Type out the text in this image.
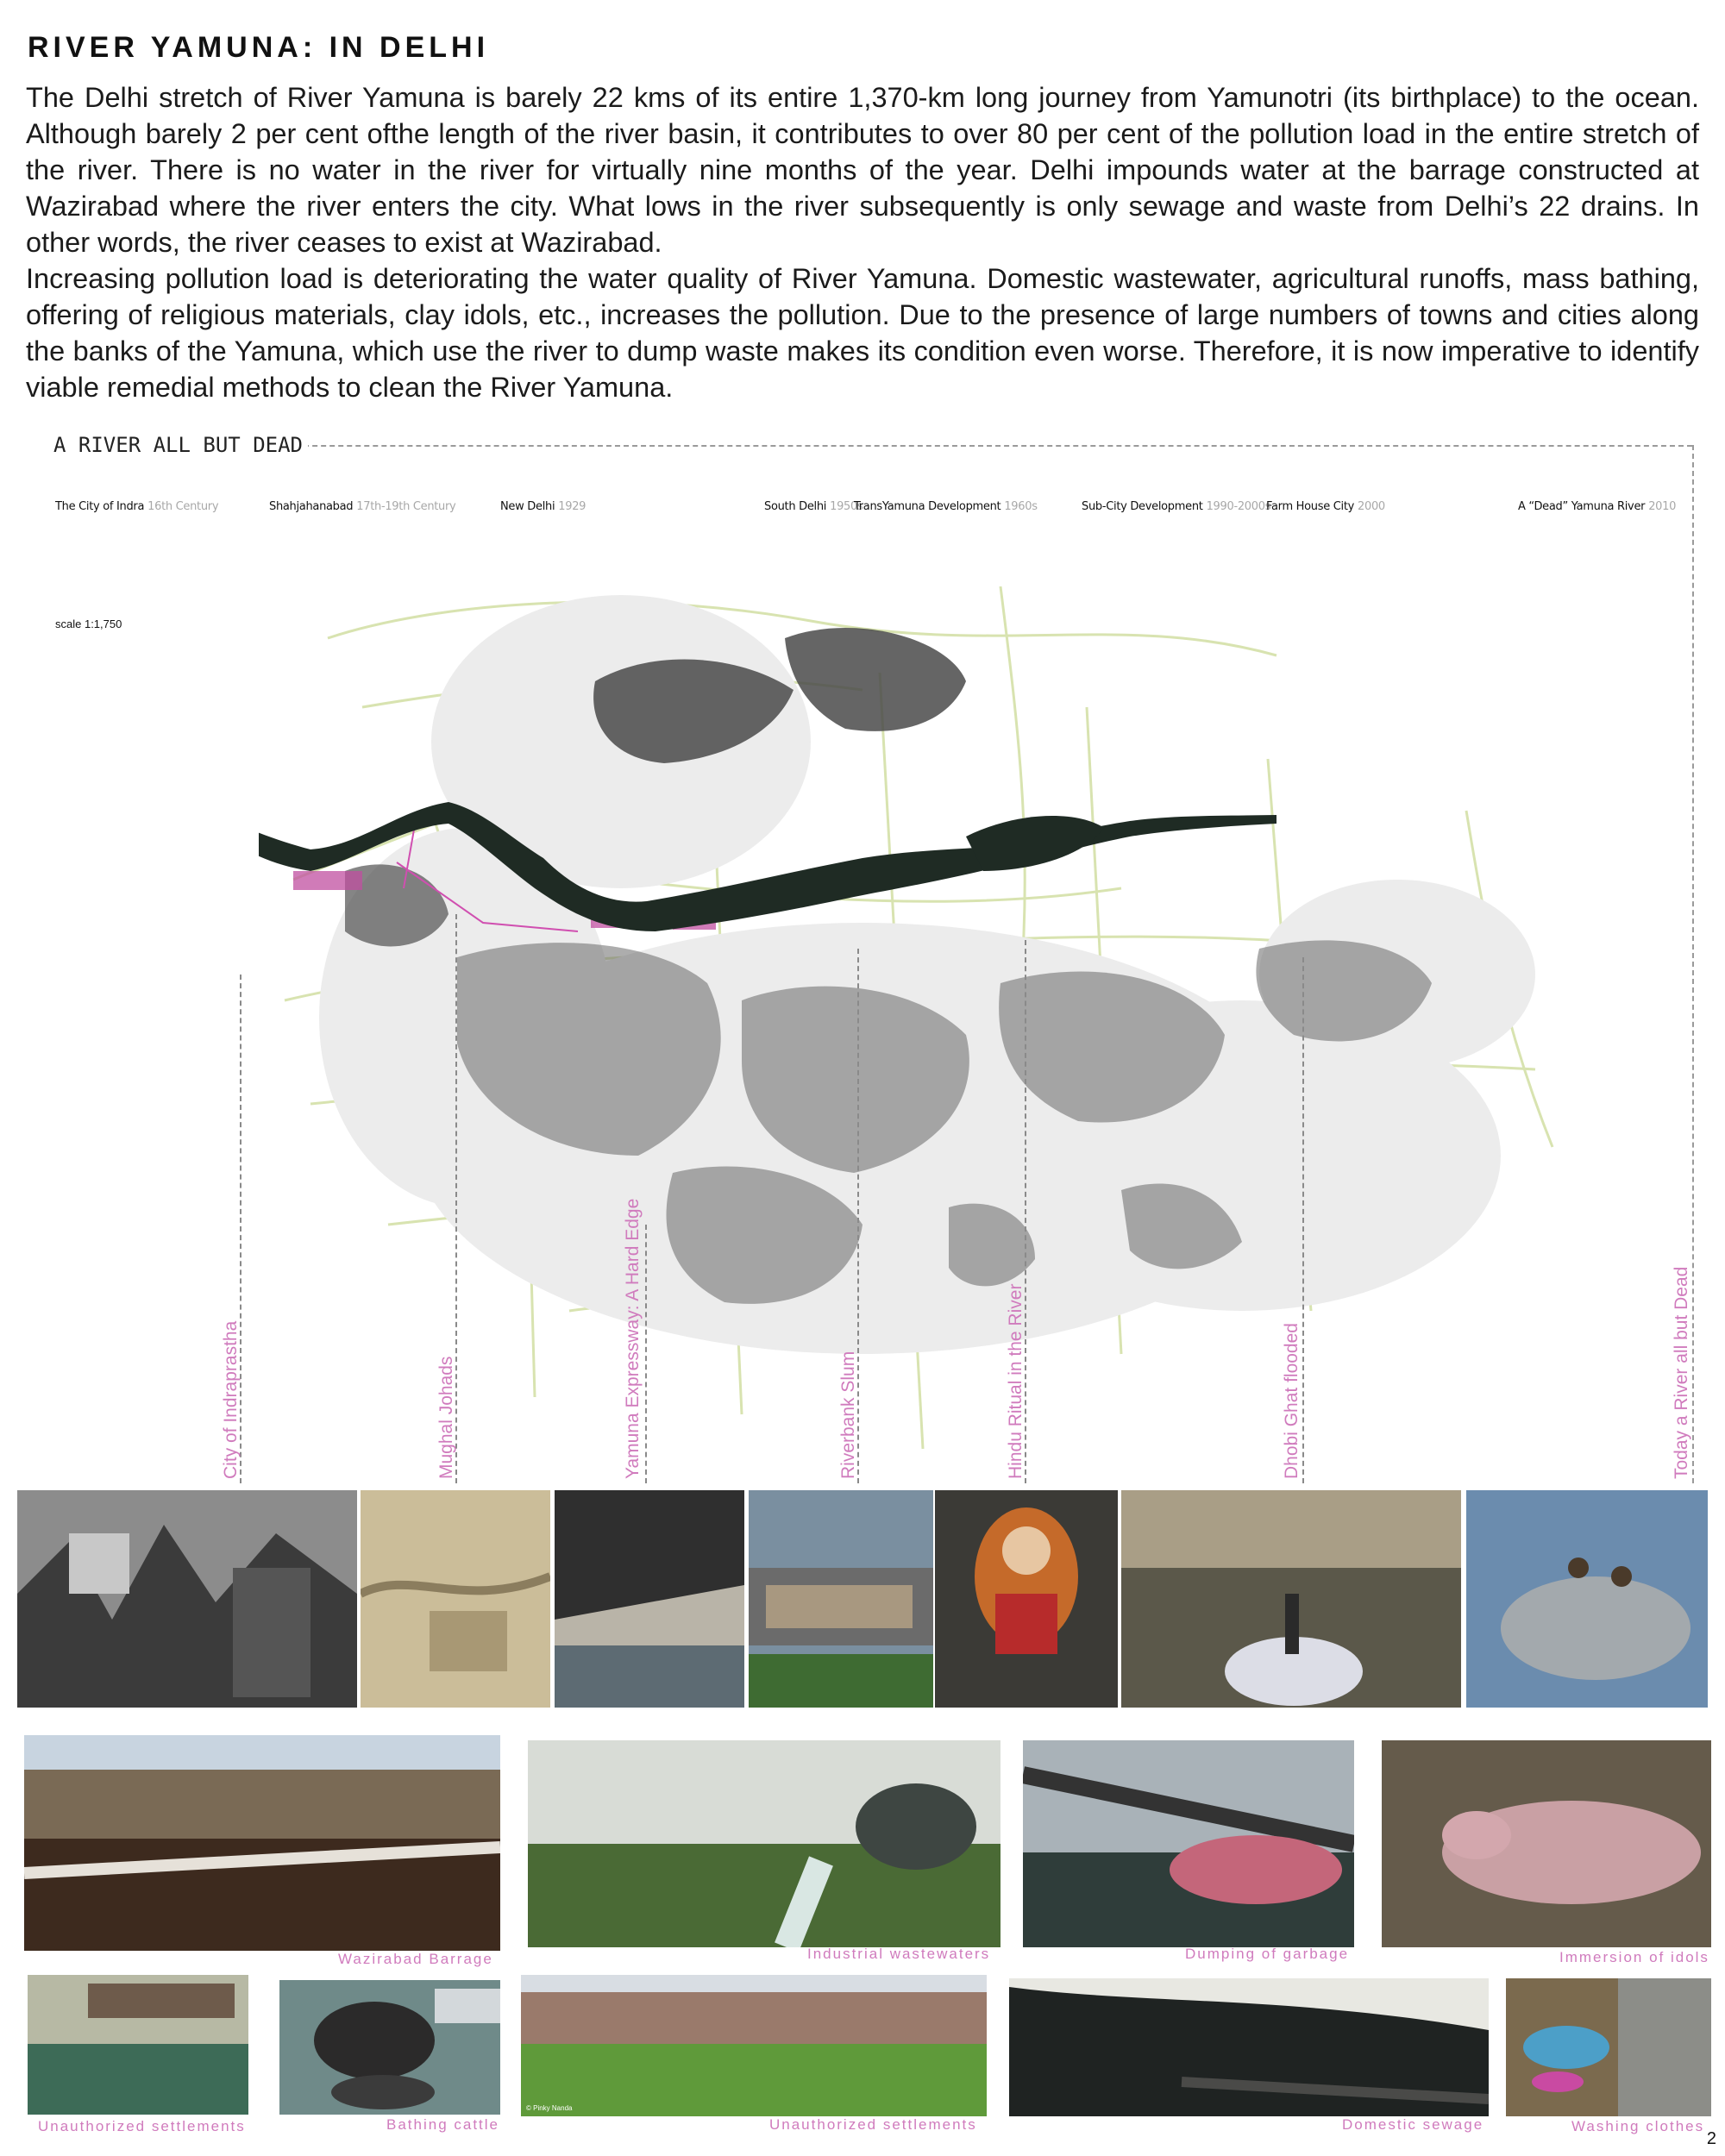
RIVER YAMUNA: IN DELHI

The Delhi stretch of River Yamuna is barely 22 kms of its entire 1,370-km long journey from Yamunotri (its birthplace) to the ocean. Although barely 2 per cent ofthe length of the river basin, it contributes to over 80 per cent of the pollution load in the entire stretch of the river. There is no water in the river for virtually nine months of the year. Delhi impounds water at the barrage constructed at Wazirabad where the river enters the city. What lows in the river subsequently is only sewage and waste from Delhi’s 22 drains. In other words, the river ceases to exist at Wazirabad.

Increasing pollution load is deteriorating the water quality of River Yamuna. Domestic wastewater, agricultural runoffs, mass bathing, offering of religious materials, clay idols, etc., increases the pollution. Due to the presence of large numbers of towns and cities along the banks of the Yamuna, which use the river to dump waste makes its condition even worse. Therefore, it is now imperative to identify viable remedial methods to clean the River Yamuna.

A RIVER ALL BUT DEAD
The City of Indra 16th Century	Shahjahanabad 17th-19th Century	New Delhi 1929	South Delhi 1950s
TransYamuna Development 1960s	Sub-City Development 1990-2000s
Farm House City 2000	A “Dead” Yamuna River 2010
scale 1:1,750
City of Indraprastha	Mughal Johads	Yamuna Expressway: A Hard Edge	Riverbank Slum	Hindu Ritual in the River	Dhobi Ghat flooded	Today a River all but Dead
Wazirabad Barrage	Industrial wastewaters	Dumping of garbage	Immersion of idols
Unauthorized settlements	Bathing cattle
© Pinky Nanda
Unauthorized settlements	Domestic sewage	Washing clothes
2
